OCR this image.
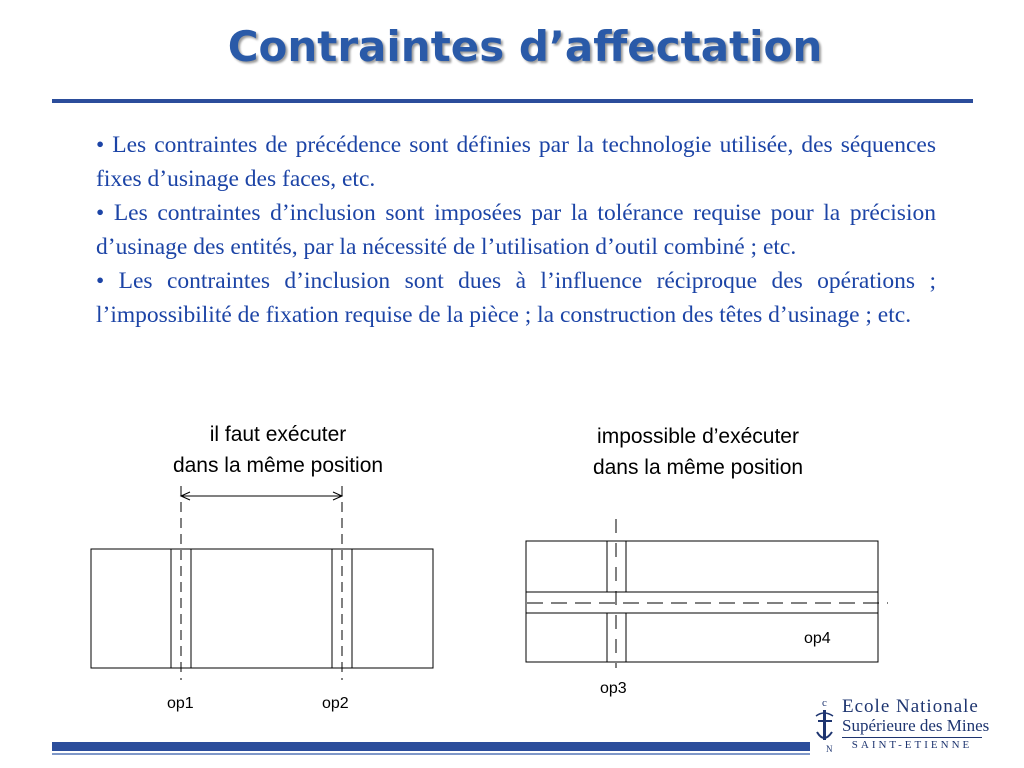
Contraintes d’affectation

• Les contraintes de précédence sont définies par la technologie utilisée, des séquences fixes d’usinage des faces, etc.

• Les contraintes d’inclusion sont imposées par la tolérance requise pour la précision d’usinage des entités, par la nécessité de l’utilisation d’outil combiné ; etc.

• Les contraintes d’inclusion sont dues à l’influence réciproque des opérations ; l’impossibilité de fixation requise de la pièce ; la construction des têtes d’usinage ; etc.

il faut exécuter
dans la même position
impossible d’exécuter
dans la même position
op1	op2
op3
op4
c
N
Ecole Nationale
Supérieure des Mines
SAINT-ETIENNE
